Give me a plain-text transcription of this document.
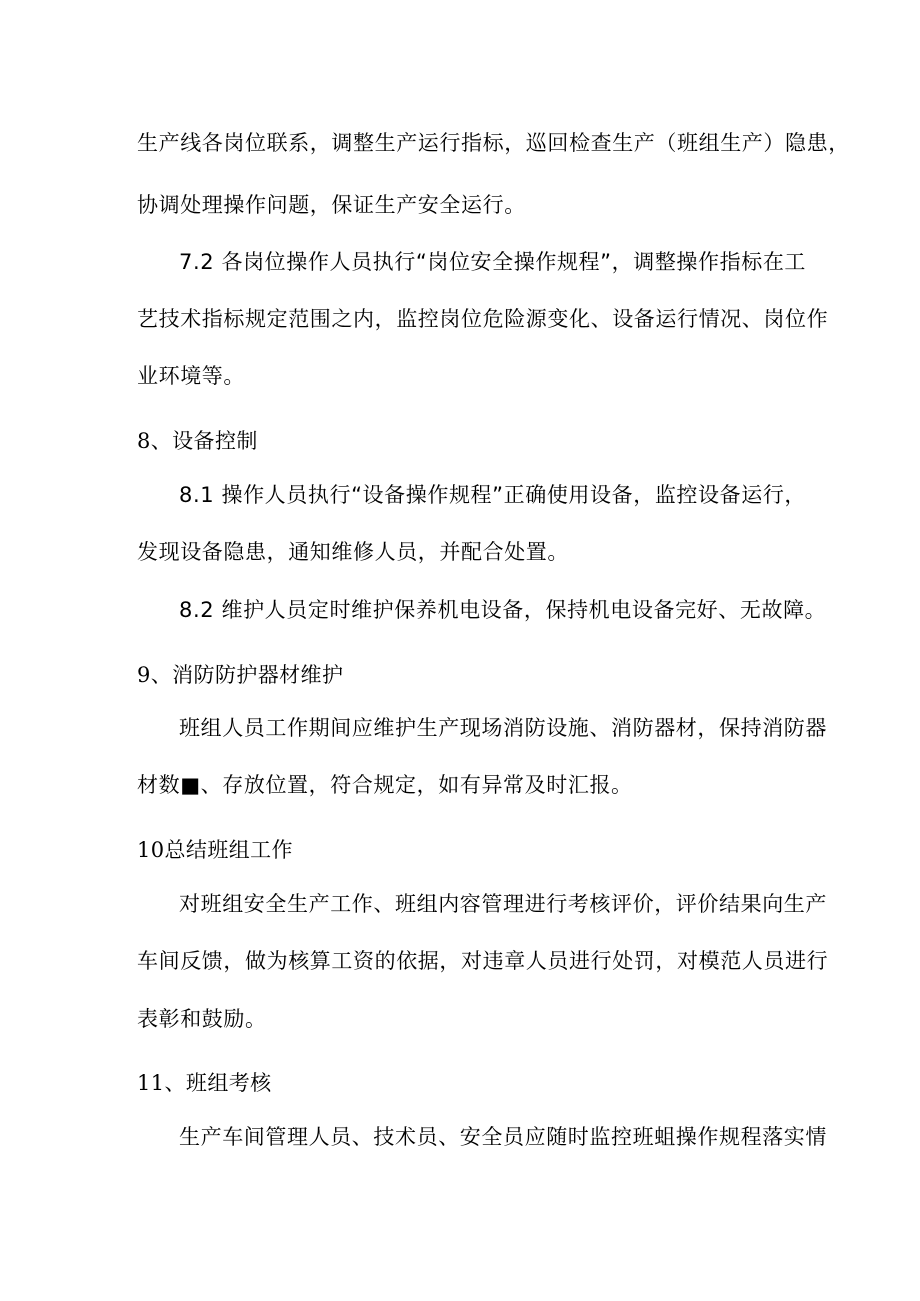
生产线各岗位联系，调整生产运行指标，巡回检查生产（班组生产）隐患，
协调处理操作问题，保证生产安全运行。
7.2 各岗位操作人员执行“岗位安全操作规程”，调整操作指标在工
艺技术指标规定范围之内，监控岗位危险源变化、设备运行情况、岗位作
业环境等。
8、设备控制
8.1 操作人员执行“设备操作规程”正确使用设备，监控设备运行，
发现设备隐患，通知维修人员，并配合处置。
8.2 维护人员定时维护保养机电设备，保持机电设备完好、无故障。
9、消防防护器材维护
班组人员工作期间应维护生产现场消防设施、消防器材，保持消防器
材数■、存放位置，符合规定，如有异常及时汇报。
10总结班组工作
对班组安全生产工作、班组内容管理进行考核评价，评价结果向生产
车间反馈，做为核算工资的依据，对违章人员进行处罚，对模范人员进行
表彰和鼓励。
11、班组考核
生产车间管理人员、技术员、安全员应随时监控班蛆操作规程落实情
